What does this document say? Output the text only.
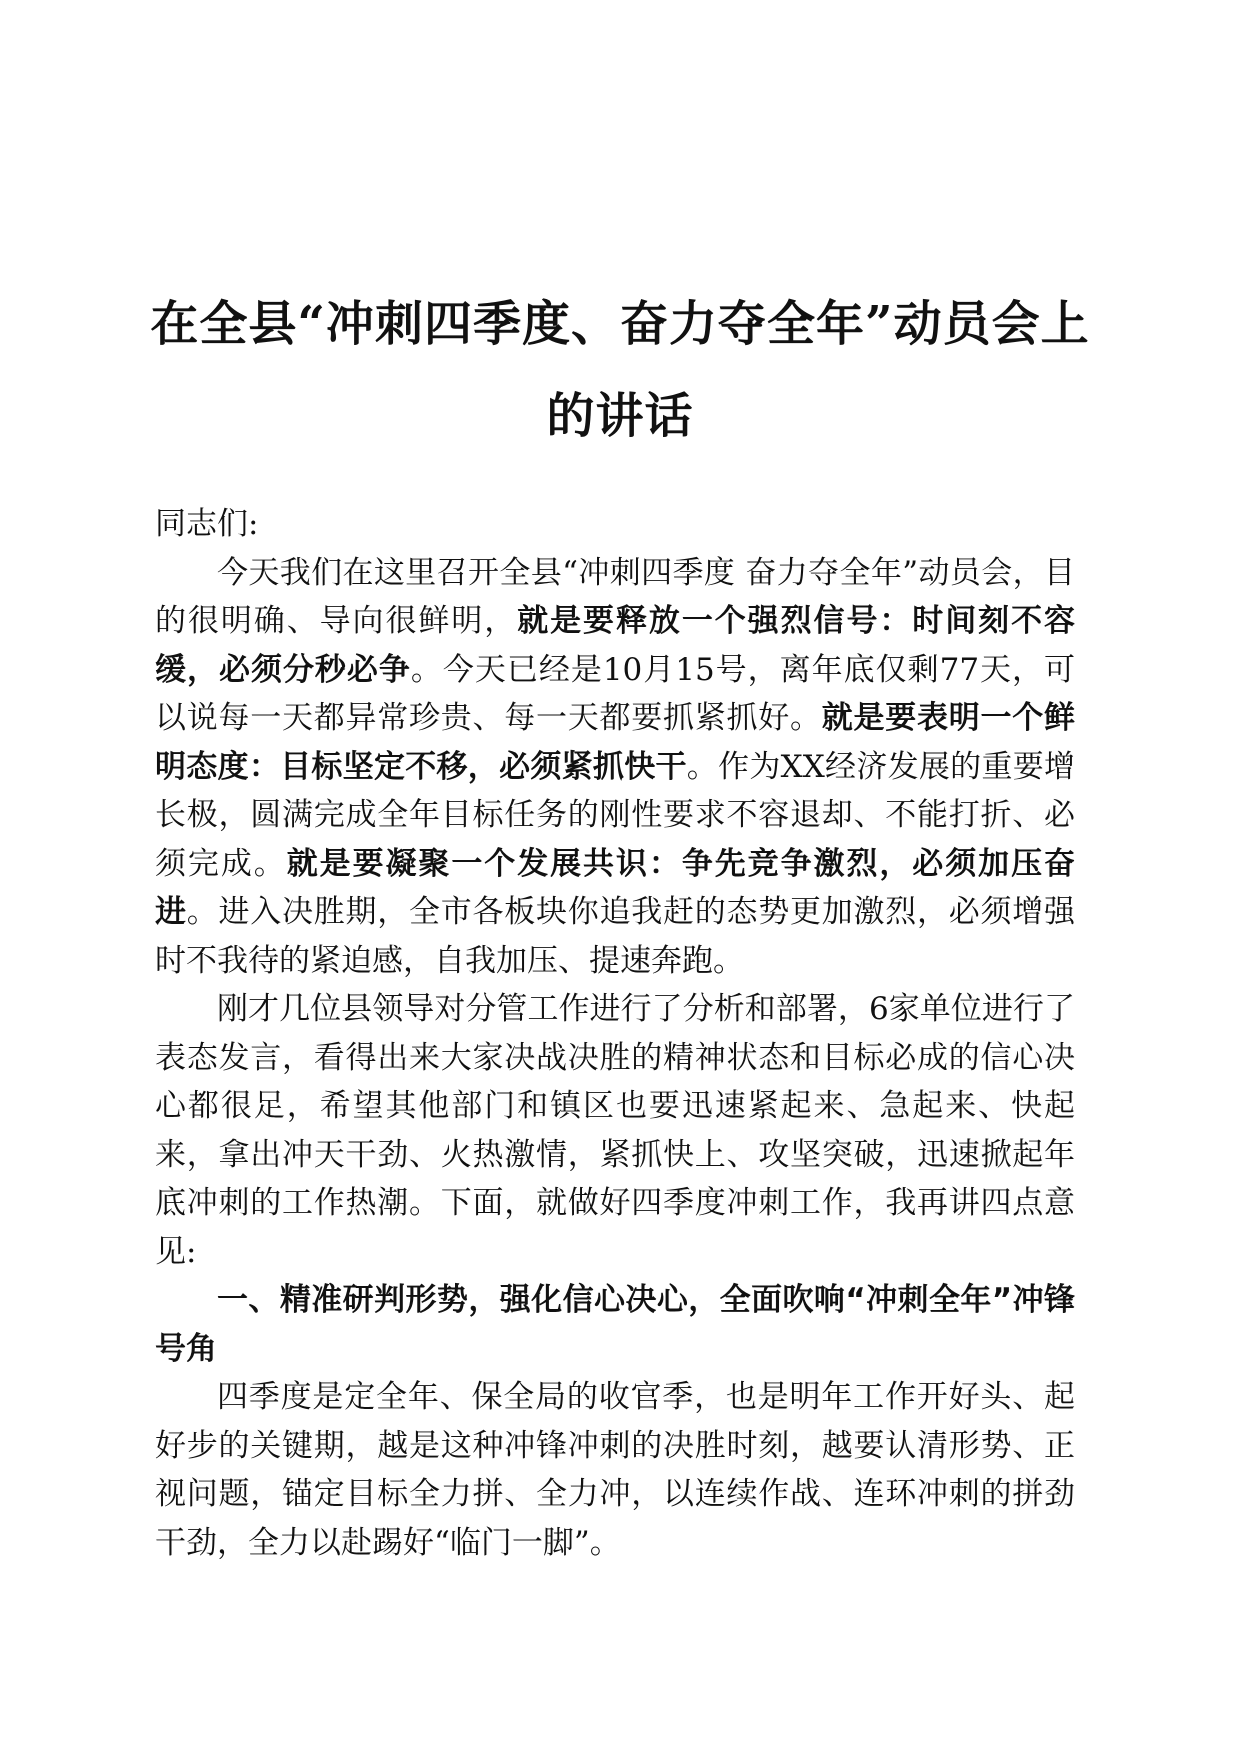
在全县“冲刺四季度、奋力夺全年”动员会上
的讲话

同志们:

今天我们在这里召开全县“冲刺四季度 奋力夺全年”动员会，目的很明确、导向很鲜明，就是要释放一个强烈信号：时间刻不容缓，必须分秒必争。今天已经是10月15号，离年底仅剩77天，可以说每一天都异常珍贵、每一天都要抓紧抓好。就是要表明一个鲜明态度：目标坚定不移，必须紧抓快干。作为XX经济发展的重要增长极，圆满完成全年目标任务的刚性要求不容退却、不能打折、必须完成。就是要凝聚一个发展共识：争先竞争激烈，必须加压奋进。进入决胜期，全市各板块你追我赶的态势更加激烈，必须增强时不我待的紧迫感，自我加压、提速奔跑。

刚才几位县领导对分管工作进行了分析和部署，6家单位进行了表态发言，看得出来大家决战决胜的精神状态和目标必成的信心决心都很足，希望其他部门和镇区也要迅速紧起来、急起来、快起来，拿出冲天干劲、火热激情，紧抓快上、攻坚突破，迅速掀起年底冲刺的工作热潮。下面，就做好四季度冲刺工作，我再讲四点意见:

一、精准研判形势，强化信心决心，全面吹响“冲刺全年”冲锋号角

四季度是定全年、保全局的收官季，也是明年工作开好头、起好步的关键期，越是这种冲锋冲刺的决胜时刻，越要认清形势、正视问题，锚定目标全力拼、全力冲，以连续作战、连环冲刺的拼劲干劲，全力以赴踢好“临门一脚”。
